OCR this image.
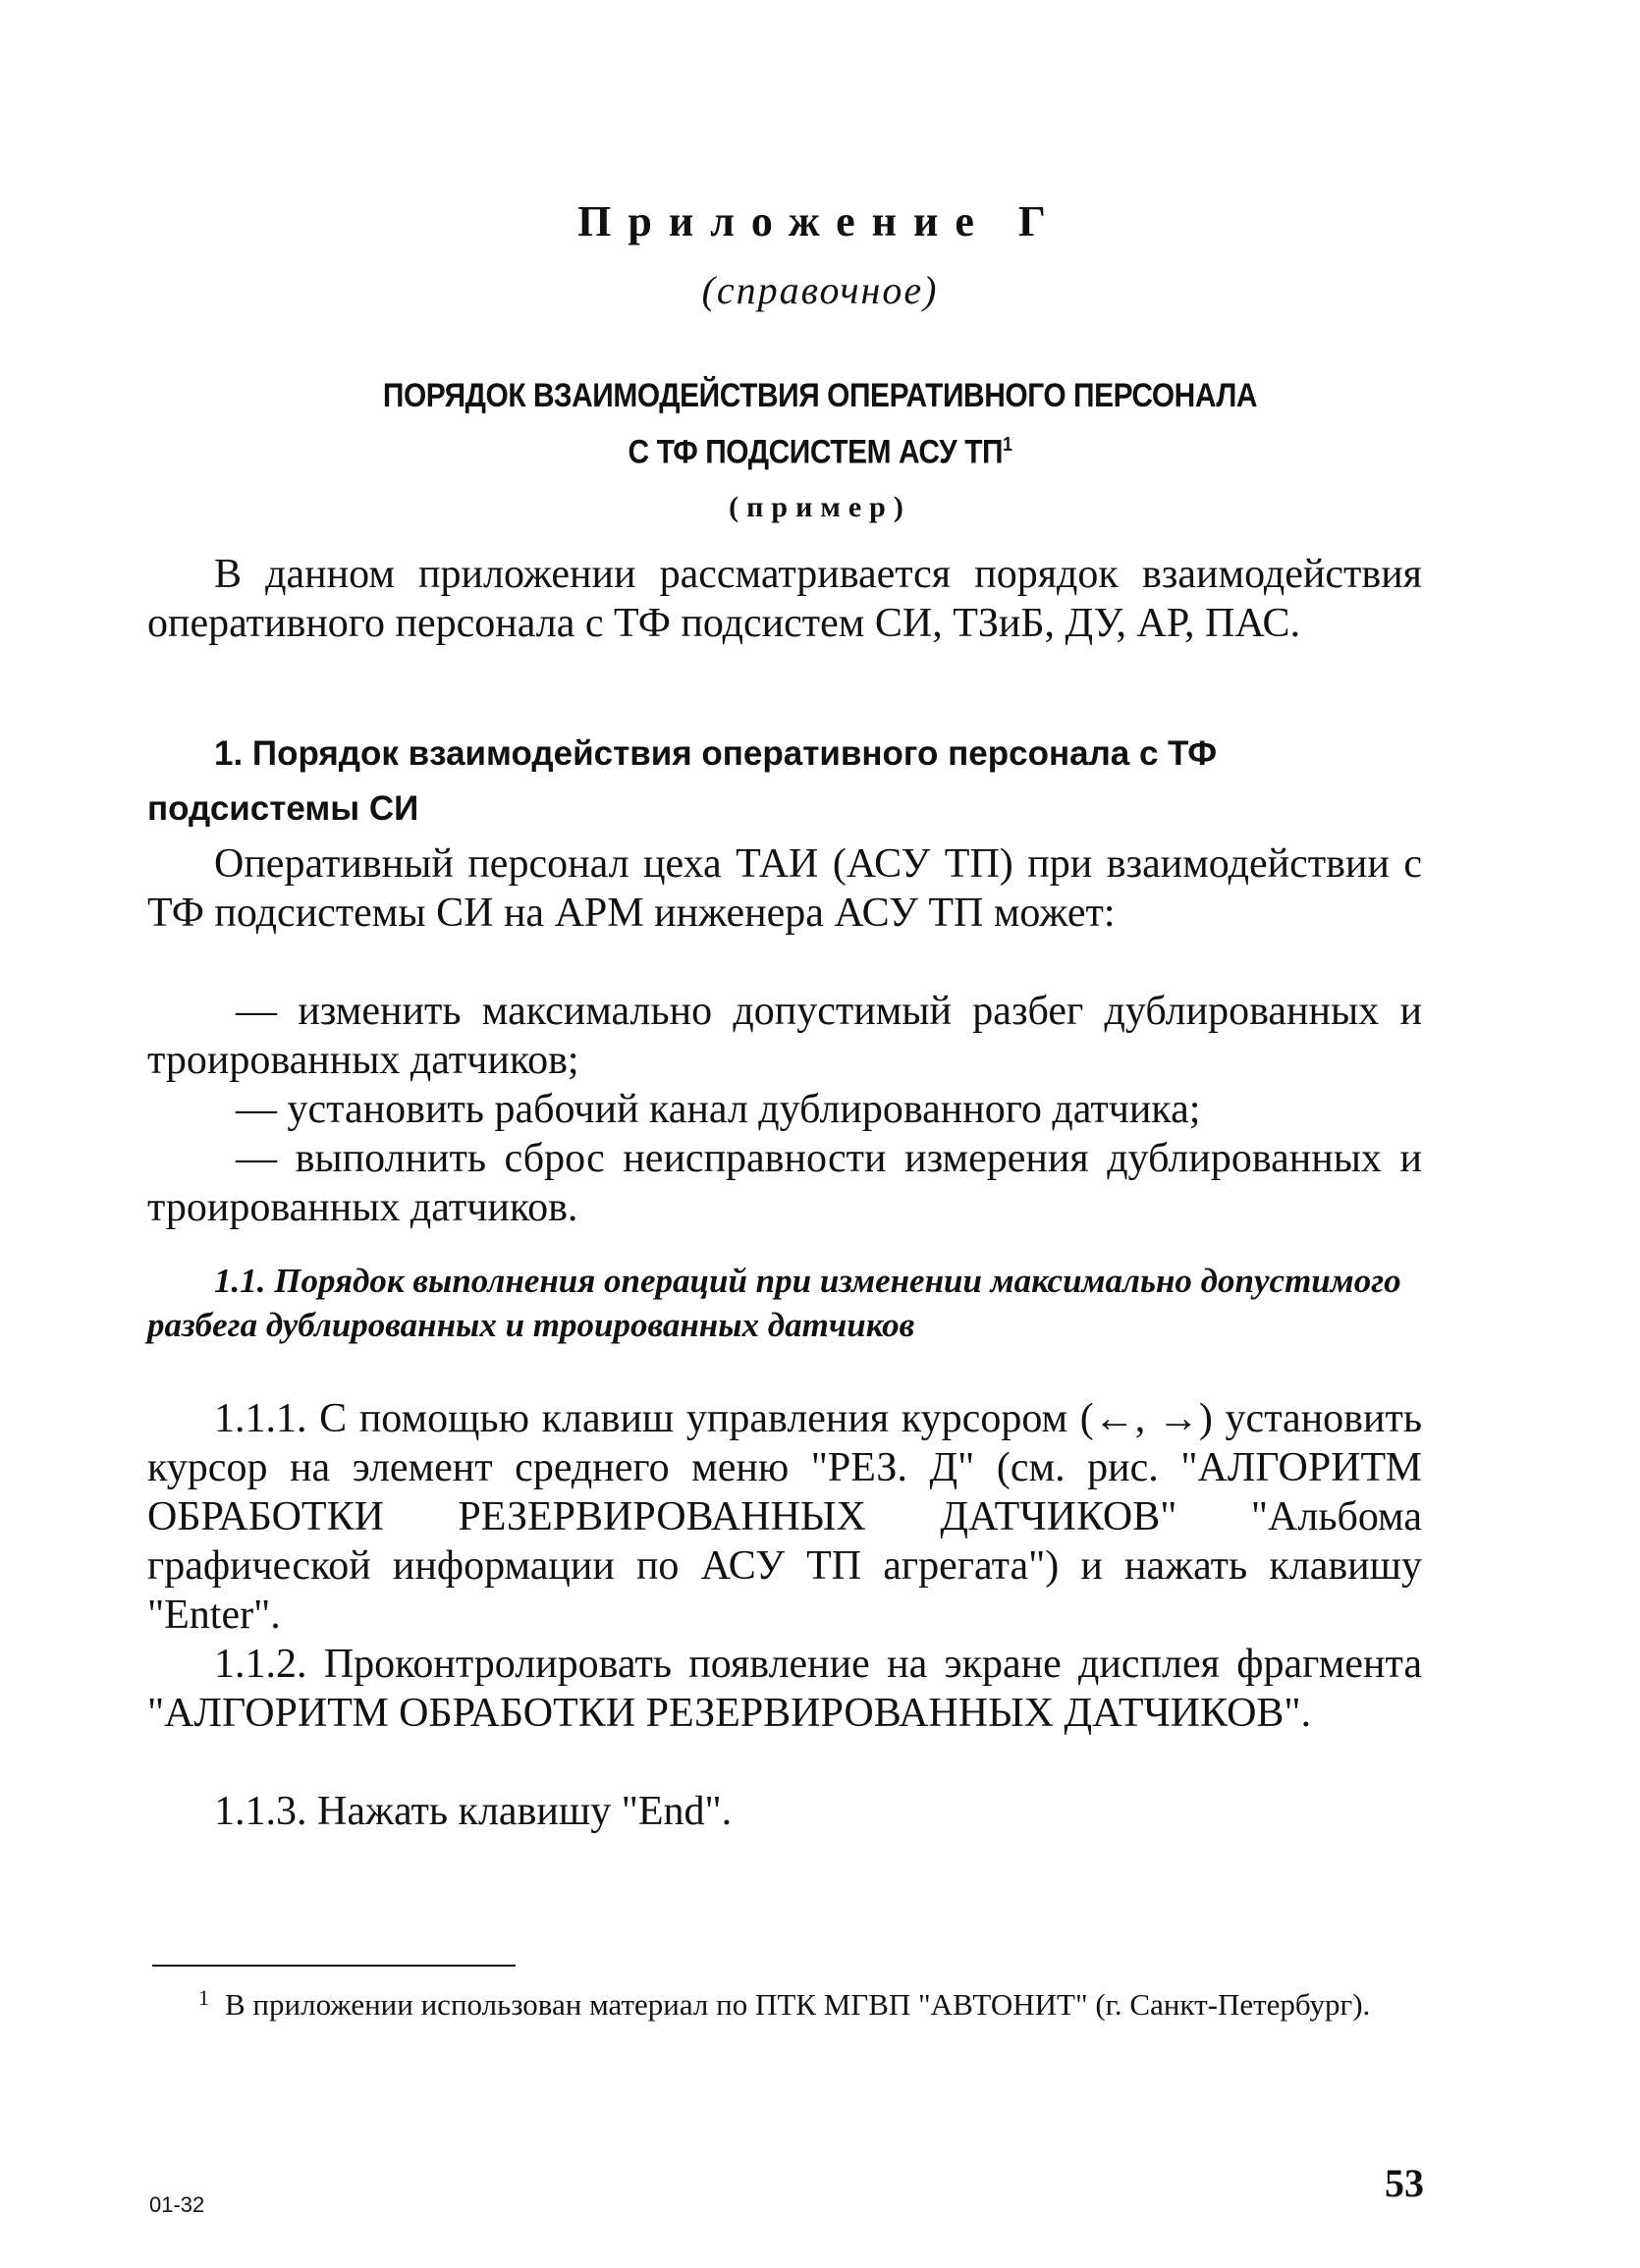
Приложение Г
(справочное)
ПОРЯДОК ВЗАИМОДЕЙСТВИЯ ОПЕРАТИВНОГО ПЕРСОНАЛА
С ТФ ПОДСИСТЕМ АСУ $ТП^1$
(пример)

В данном приложении рассматривается порядок взаимодействия оперативного персонала с ТФ подсистем СИ, ТЗиБ, ДУ, АР, ПАС.

1. Порядок взаимодействия оперативного персонала с ТФ подсистемы СИ

Оперативный персонал цеха ТАИ (АСУ ТП) при взаимодействии с ТФ подсистемы СИ на АРМ инженера АСУ ТП может:

— изменить максимально допустимый разбег дублированных и троированных датчиков;

— установить рабочий канал дублированного датчика;

— выполнить сброс неисправности измерения дублированных и троированных датчиков.

1.1. Порядок выполнения операций при изменении максимально допустимого разбега дублированных и троированных датчиков

1.1.1. С помощью клавиш управления курсором (←, →) установить курсор на элемент среднего меню "РЕЗ. Д" (см. рис. "АЛГОРИТМ ОБРАБОТКИ РЕЗЕРВИРОВАННЫХ ДАТЧИКОВ" "Альбома графической информации по АСУ ТП агрегата") и нажать клавишу "Enter".

1.1.2. Проконтролировать появление на экране дисплея фрагмента "АЛГОРИТМ ОБРАБОТКИ РЕЗЕРВИРОВАННЫХ ДАТЧИКОВ".

1.1.3. Нажать клавишу "End".

$^1$ В приложении использован материал по ПТК МГВП "АВТОНИТ" (г. Санкт-Петербург).

01-32	53
